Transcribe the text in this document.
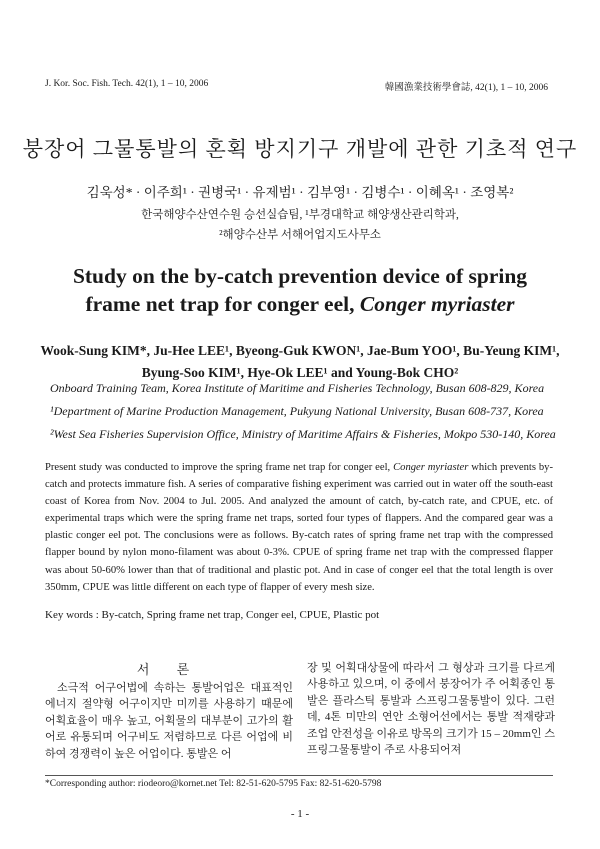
J. Kor. Soc. Fish. Tech. 42(1), 1 – 10, 2006	韓國漁業技術學會誌, 42(1), 1 – 10, 2006
붕장어 그물통발의 혼획 방지기구 개발에 관한 기초적 연구
김욱성* · 이주희¹ · 권병국¹ · 유제범¹ · 김부영¹ · 김병수¹ · 이혜옥¹ · 조영복²
한국해양수산연수원 승선실습팀, ¹부경대학교 해양생산관리학과,
²해양수산부 서해어업지도사무소
Study on the by-catch prevention device of spring
frame net trap for conger eel, Conger myriaster
Wook-Sung KIM*, Ju-Hee LEE¹, Byeong-Guk KWON¹, Jae-Bum YOO¹, Bu-Yeung KIM¹,
Byung-Soo KIM¹, Hye-Ok LEE¹ and Young-Bok CHO²
Onboard Training Team, Korea Institute of Maritime and Fisheries Technology, Busan 608-829, Korea
¹Department of Marine Production Management, Pukyung National University, Busan 608-737, Korea
²West Sea Fisheries Supervision Office, Ministry of Maritime Affairs & Fisheries, Mokpo 530-140, Korea
Present study was conducted to improve the spring frame net trap for conger eel, Conger myriaster which prevents by-catch and protects immature fish. A series of comparative fishing experiment was carried out in water off the south-east coast of Korea from Nov. 2004 to Jul. 2005. And analyzed the amount of catch, by-catch rate, and CPUE, etc. of experimental traps which were the spring frame net traps, sorted four types of flappers. And the compared gear was a plastic conger eel pot. The conclusions were as follows. By-catch rates of spring frame net trap with the compressed flapper bound by nylon mono-filament was about 0-3%. CPUE of spring frame net trap with the compressed flapper was about 50-60% lower than that of traditional and plastic pot. And in case of conger eel that the total length is over 350mm, CPUE was little different on each type of flapper of every mesh size.
Key words : By-catch, Spring frame net trap, Conger eel, CPUE, Plastic pot
서 론
소극적 어구어법에 속하는 통발어업은 대표적인 에너지 절약형 어구이지만 미끼를 사용하기 때문에 어획효율이 매우 높고, 어획물의 대부분이 고가의 활어로 유통되며 어구비도 저렴하므로 다른 어업에 비하여 경쟁력이 높은 어업이다. 통발은 어
장 및 어획대상물에 따라서 그 형상과 크기를 다르게 사용하고 있으며, 이 중에서 붕장어가 주 어획종인 통발은 플라스틱 통발과 스프링그물통발이 있다. 그런데, 4톤 미만의 연안 소형어선에서는 통발 적재량과 조업 안전성을 이유로 방목의 크기가 15 – 20mm인 스프링그물통발이 주로 사용되어져
*Corresponding author: riodeoro@kornet.net Tel: 82-51-620-5795 Fax: 82-51-620-5798
- 1 -
